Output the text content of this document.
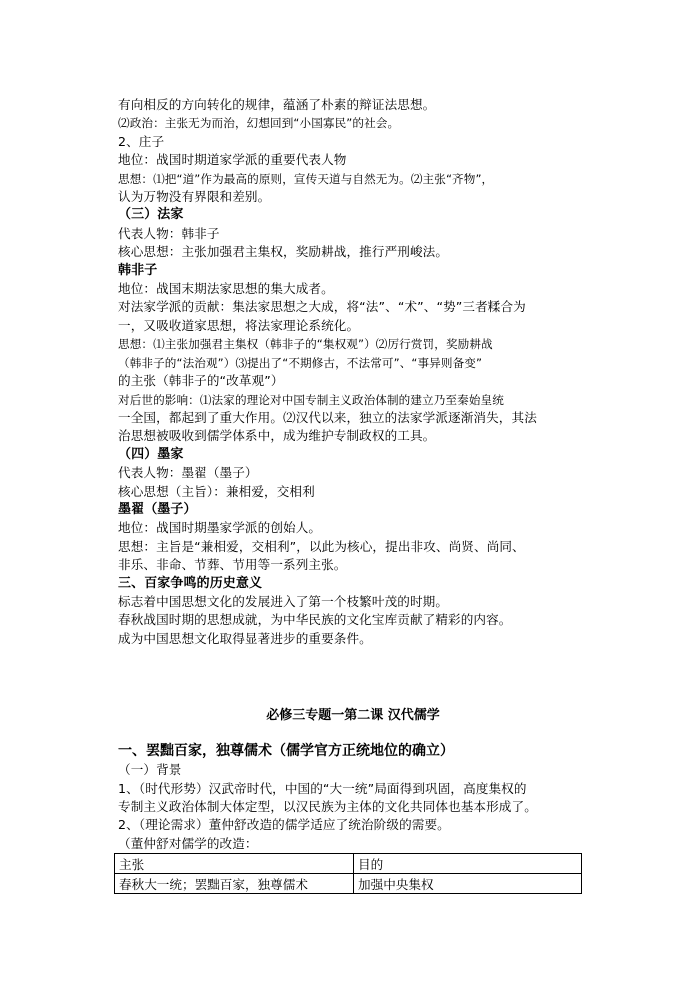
有向相反的方向转化的规律，蕴涵了朴素的辩证法思想。
⑵政治：主张无为而治，幻想回到“小国寡民”的社会。
2、庄子
地位：战国时期道家学派的重要代表人物
思想：⑴把“道”作为最高的原则，宣传天道与自然无为。⑵主张“齐物”，
认为万物没有界限和差别。
（三）法家
代表人物：韩非子
核心思想：主张加强君主集权，奖励耕战，推行严刑峻法。
韩非子
地位：战国末期法家思想的集大成者。
对法家学派的贡献：集法家思想之大成，将“法”、“术”、“势”三者糅合为
一，又吸收道家思想，将法家理论系统化。
思想：⑴主张加强君主集权（韩非子的“集权观”）⑵厉行赏罚，奖励耕战
（韩非子的“法治观”）⑶提出了“不期修古，不法常可”、“事异则备变”
的主张（韩非子的“改革观”）
对后世的影响：⑴法家的理论对中国专制主义政治体制的建立乃至秦始皇统
一全国，都起到了重大作用。⑵汉代以来，独立的法家学派逐渐消失，其法
治思想被吸收到儒学体系中，成为维护专制政权的工具。
（四）墨家
代表人物：墨翟（墨子）
核心思想（主旨）：兼相爱，交相利
墨翟（墨子）
地位：战国时期墨家学派的创始人。
思想：主旨是“兼相爱，交相利”，以此为核心，提出非攻、尚贤、尚同、
非乐、非命、节葬、节用等一系列主张。
三、百家争鸣的历史意义
标志着中国思想文化的发展进入了第一个枝繁叶茂的时期。
春秋战国时期的思想成就，为中华民族的文化宝库贡献了精彩的内容。
成为中国思想文化取得显著进步的重要条件。
必修三专题一第二课 汉代儒学
一、罢黜百家，独尊儒术（儒学官方正统地位的确立）
（一）背景
1、（时代形势）汉武帝时代，中国的“大一统”局面得到巩固，高度集权的
专制主义政治体制大体定型，以汉民族为主体的文化共同体也基本形成了。
2、（理论需求）董仲舒改造的儒学适应了统治阶级的需要。
（董仲舒对儒学的改造：
主张	目的
春秋大一统；罢黜百家，独尊儒术	加强中央集权
